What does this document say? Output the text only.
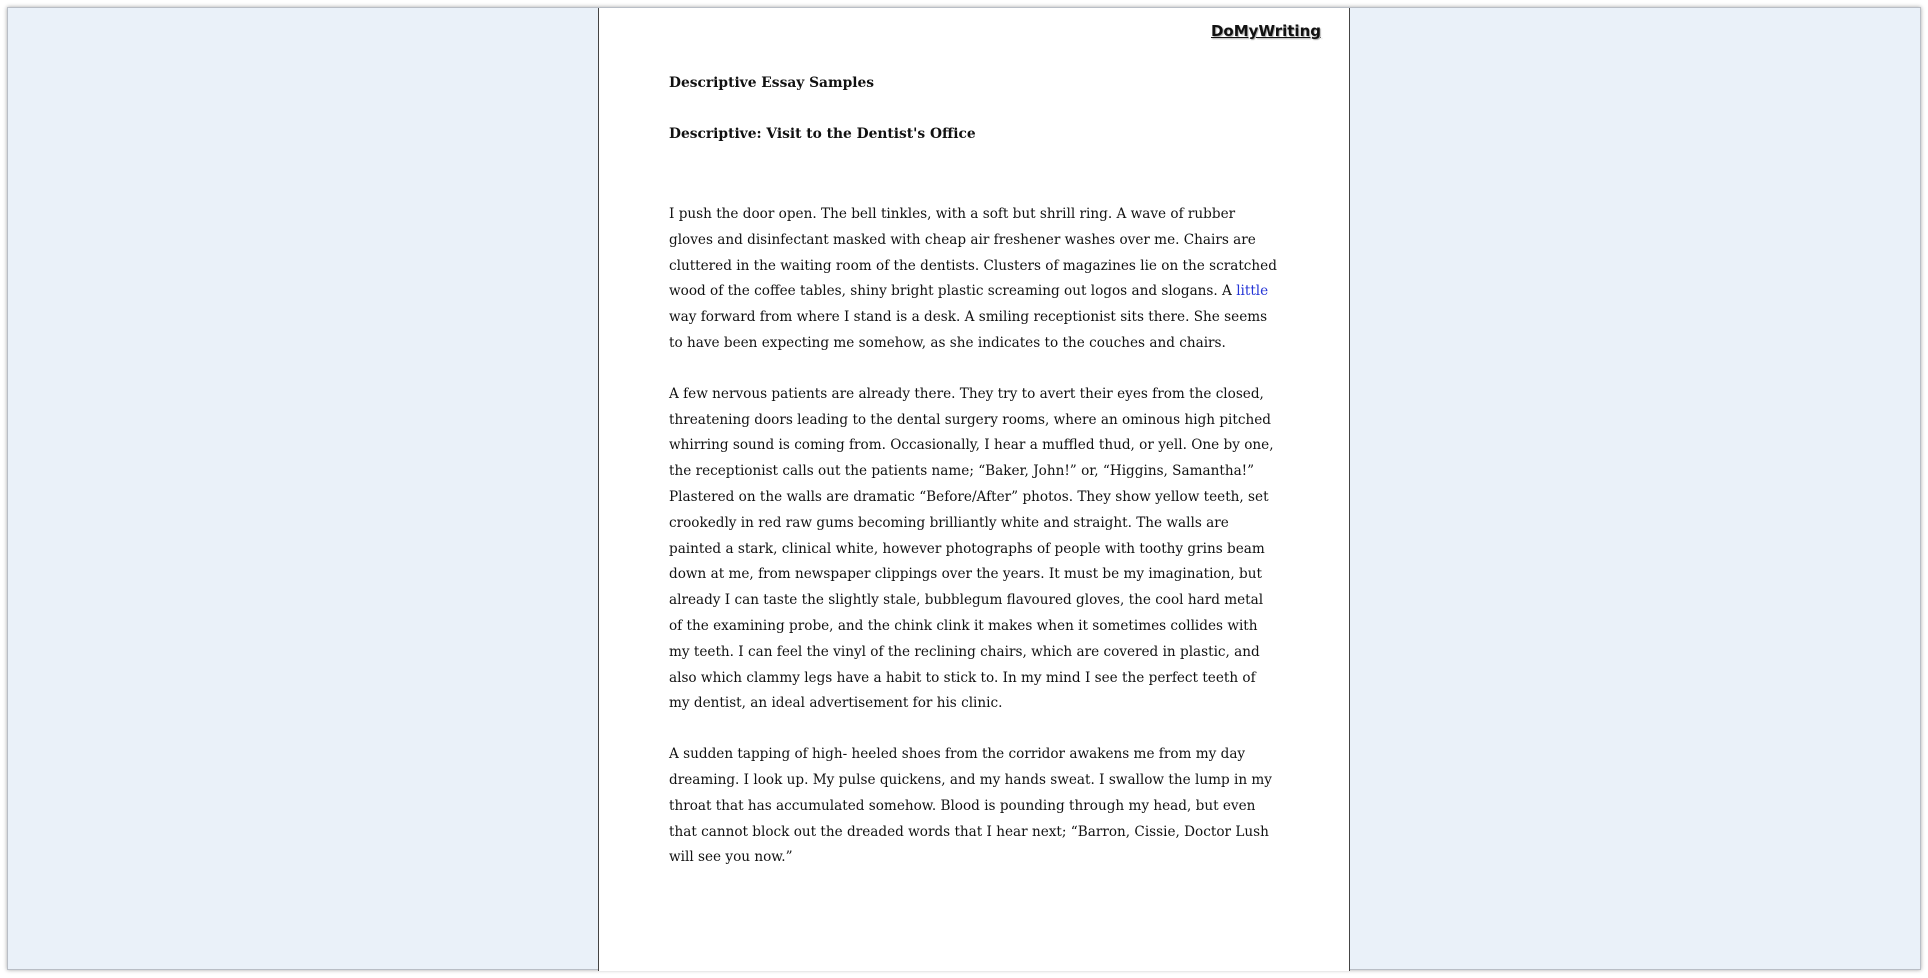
DoMyWriting

Descriptive Essay Samples

Descriptive: Visit to the Dentist's Office

I push the door open. The bell tinkles, with a soft but shrill ring. A wave of rubber gloves and disinfectant masked with cheap air freshener washes over me. Chairs are cluttered in the waiting room of the dentists. Clusters of magazines lie on the scratched wood of the coffee tables, shiny bright plastic screaming out logos and slogans. A little way forward from where I stand is a desk. A smiling receptionist sits there. She seems to have been expecting me somehow, as she indicates to the couches and chairs.

A few nervous patients are already there. They try to avert their eyes from the closed, threatening doors leading to the dental surgery rooms, where an ominous high pitched whirring sound is coming from. Occasionally, I hear a muffled thud, or yell. One by one, the receptionist calls out the patients name; “Baker, John!” or, “Higgins, Samantha!”

Plastered on the walls are dramatic “Before/After” photos. They show yellow teeth, set crookedly in red raw gums becoming brilliantly white and straight. The walls are painted a stark, clinical white, however photographs of people with toothy grins beam down at me, from newspaper clippings over the years. It must be my imagination, but already I can taste the slightly stale, bubblegum flavoured gloves, the cool hard metal of the examining probe, and the chink clink it makes when it sometimes collides with my teeth. I can feel the vinyl of the reclining chairs, which are covered in plastic, and also which clammy legs have a habit to stick to. In my mind I see the perfect teeth of my dentist, an ideal advertisement for his clinic.

A sudden tapping of high- heeled shoes from the corridor awakens me from my day dreaming. I look up. My pulse quickens, and my hands sweat. I swallow the lump in my throat that has accumulated somehow. Blood is pounding through my head, but even that cannot block out the dreaded words that I hear next; “Barron, Cissie, Doctor Lush will see you now.”
